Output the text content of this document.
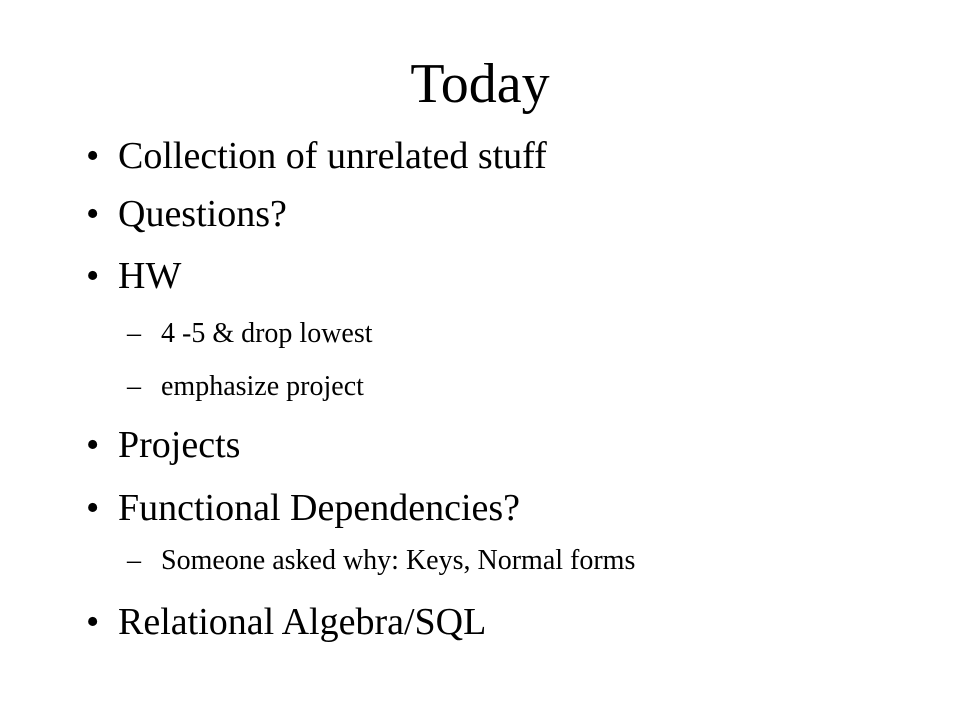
Today
• Collection of unrelated stuff
• Questions?
• HW
– 4 -5 & drop lowest
– emphasize project
• Projects
• Functional Dependencies?
– Someone asked why: Keys, Normal forms
• Relational Algebra/SQL
